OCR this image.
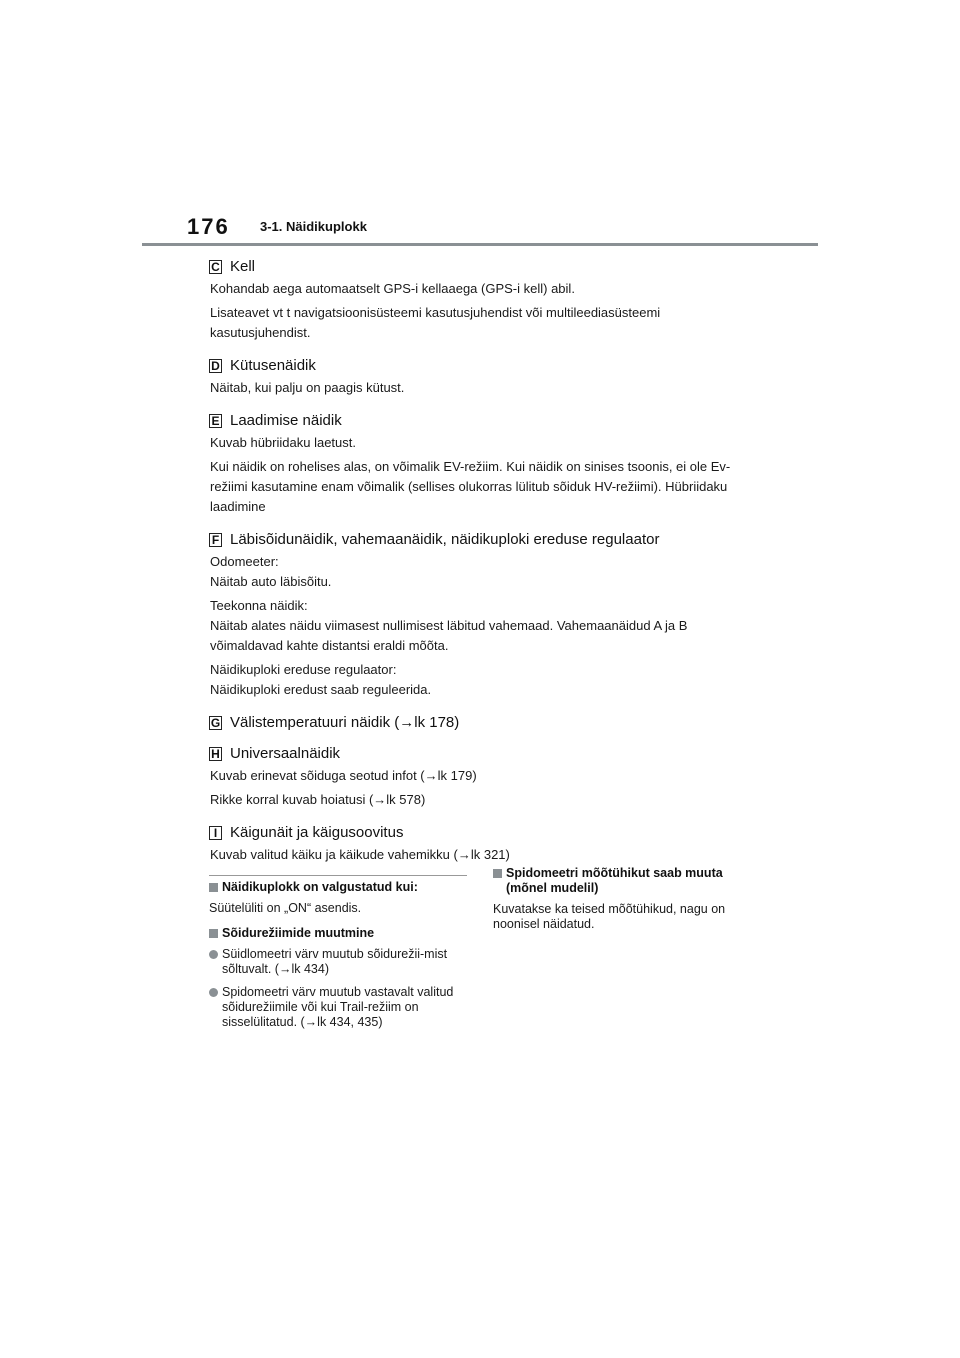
176 3-1. Näidikuplokk
C Kell

Kohandab aega automaatselt GPS-i kellaaega (GPS-i kell) abil.

Lisateavet vt t navigatsioonisüsteemi kasutusjuhendist või multileediasüsteemi kasutusjuhendist.

D Kütusenäidik

Näitab, kui palju on paagis kütust.

E Laadimise näidik

Kuvab hübriidaku laetust.

Kui näidik on rohelises alas, on võimalik EV-režiim. Kui näidik on sinises tsoonis, ei ole Ev-režiimi kasutamine enam võimalik (sellises olukorras lülitub sõiduk HV-režiimi). Hübriidaku laadimine

F Läbisõidunäidik, vahemaanäidik, näidikuploki ereduse regulaator

Odomeeter:
Näitab auto läbisõitu.

Teekonna näidik:
Näitab alates näidu viimasest nullimisest läbitud vahemaad. Vahemaanäidud A ja B võimaldavad kahte distantsi eraldi mõõta.

Näidikuploki ereduse regulaator:
Näidikuploki eredust saab reguleerida.

G Välistemperatuuri näidik (→lk 178)
H Universaalnäidik

Kuvab erinevat sõiduga seotud infot (→lk 179)

Rikke korral kuvab hoiatusi (→lk 578)

I Käigunäit ja käigusoovitus

Kuvab valitud käiku ja käikude vahemikku (→lk 321)

Näidikuplokk on valgustatud kui:

Süütelüliti on „ON“ asendis.

Sõidurežiimide muutmine
Süidlomeetri värv muutub sõidurežii-mist sõltuvalt. (→lk 434)
Spidomeetri värv muutub vastavalt valitud sõidurežiimile või kui Trail-režiim on sisselülitatud. (→lk 434, 435)
Spidomeetri mõõtühikut saab muuta (mõnel mudelil)

Kuvatakse ka teised mõõtühikud, nagu on noonisel näidatud.
